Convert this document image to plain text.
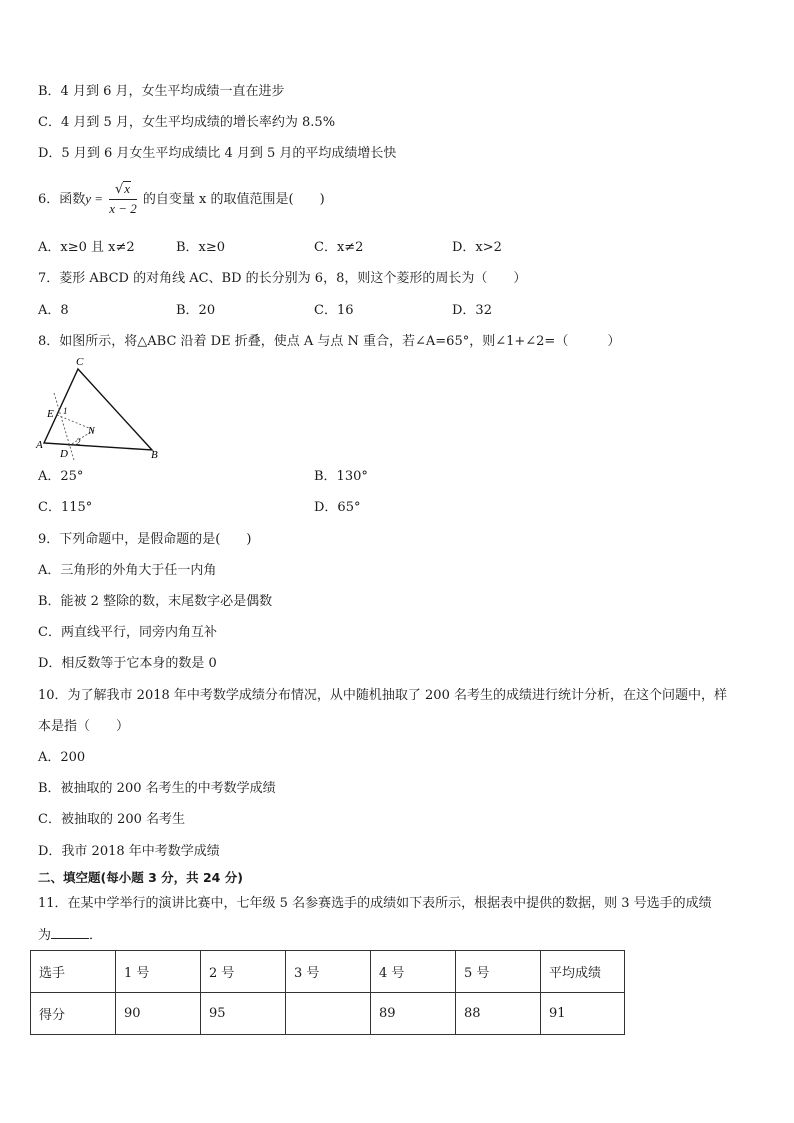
B．4 月到 6 月，女生平均成绩一直在进步
C．4 月到 5 月，女生平均成绩的增长率约为 8.5%
D．5 月到 6 月女生平均成绩比 4 月到 5 月的平均成绩增长快
6．函数$y = \frac{√x}{x - 2}$ 的自变量 x 的取值范围是(　　)
A．x≥0 且 x≠2	B．x≥0	C．x≠2	D．x>2
7．菱形 ABCD 的对角线 AC、BD 的长分别为 6，8，则这个菱形的周长为（　　）
A．8	B．20	C．16	D．32
8．如图所示，将△ABC 沿着 DE 折叠，使点 A 与点 N 重合，若∠A=65°，则∠1+∠2=（　　　）
C
E 1
N
A
D
2
B
A．25°	B．130°
C．115°	D．65°
9．下列命题中，是假命题的是(　　)
A．三角形的外角大于任一内角
B．能被 2 整除的数，末尾数字必是偶数
C．两直线平行，同旁内角互补
D．相反数等于它本身的数是 0
10．为了解我市 2018 年中考数学成绩分布情况，从中随机抽取了 200 名考生的成绩进行统计分析，在这个问题中，样
本是指（　　）
A．200
B．被抽取的 200 名考生的中考数学成绩
C．被抽取的 200 名考生
D．我市 2018 年中考数学成绩
二、填空题(每小题 3 分，共 24 分)
11．在某中学举行的演讲比赛中，七年级 5 名参赛选手的成绩如下表所示，根据表中提供的数据，则 3 号选手的成绩
为	．
选手	1 号	2 号	3 号	4 号	5 号	平均成绩
得分	90	95		89	88	91
